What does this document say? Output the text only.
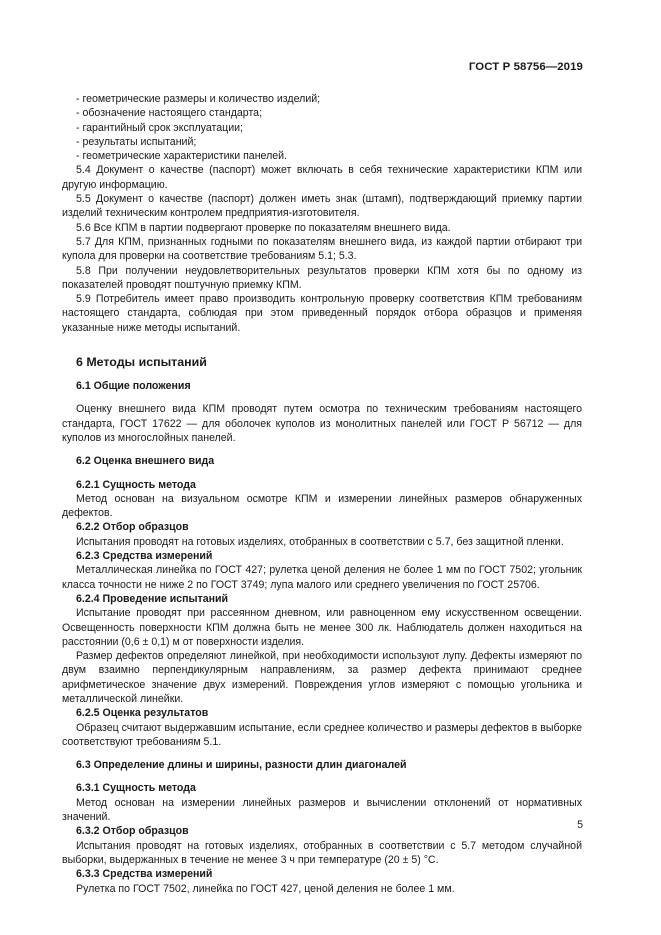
ГОСТ Р 58756—2019

- геометрические размеры и количество изделий;

- обозначение настоящего стандарта;

- гарантийный срок эксплуатации;

- результаты испытаний;

- геометрические характеристики панелей.

5.4 Документ о качестве (паспорт) может включать в себя технические характеристики КПМ или другую информацию.

5.5 Документ о качестве (паспорт) должен иметь знак (штамп), подтверждающий приемку партии изделий техническим контролем предприятия-изготовителя.

5.6 Все КПМ в партии подвергают проверке по показателям внешнего вида.

5.7 Для КПМ, признанных годными по показателям внешнего вида, из каждой партии отбирают три купола для проверки на соответствие требованиям 5.1; 5.3.

5.8 При получении неудовлетворительных результатов проверки КПМ хотя бы по одному из показателей проводят поштучную приемку КПМ.

5.9 Потребитель имеет право производить контрольную проверку соответствия КПМ требованиям настоящего стандарта, соблюдая при этом приведенный порядок отбора образцов и применяя указанные ниже методы испытаний.

6 Методы испытаний

6.1 Общие положения

Оценку внешнего вида КПМ проводят путем осмотра по техническим требованиям настоящего стандарта, ГОСТ 17622 — для оболочек куполов из монолитных панелей или ГОСТ Р 56712 — для куполов из многослойных панелей.

6.2 Оценка внешнего вида

6.2.1 Сущность метода

Метод основан на визуальном осмотре КПМ и измерении линейных размеров обнаруженных дефектов.

6.2.2 Отбор образцов

Испытания проводят на готовых изделиях, отобранных в соответствии с 5.7, без защитной пленки.

6.2.3 Средства измерений

Металлическая линейка по ГОСТ 427; рулетка ценой деления не более 1 мм по ГОСТ 7502; угольник класса точности не ниже 2 по ГОСТ 3749; лупа малого или среднего увеличения по ГОСТ 25706.

6.2.4 Проведение испытаний

Испытание проводят при рассеянном дневном, или равноценном ему искусственном освещении. Освещенность поверхности КПМ должна быть не менее 300 лк. Наблюдатель должен находиться на расстоянии (0,6 ± 0,1) м от поверхности изделия.

Размер дефектов определяют линейкой, при необходимости используют лупу. Дефекты измеряют по двум взаимно перпендикулярным направлениям, за размер дефекта принимают среднее арифметическое значение двух измерений. Повреждения углов измеряют с помощью угольника и металлической линейки.

6.2.5 Оценка результатов

Образец считают выдержавшим испытание, если среднее количество и размеры дефектов в выборке соответствуют требованиям 5.1.

6.3 Определение длины и ширины, разности длин диагоналей

6.3.1 Сущность метода

Метод основан на измерении линейных размеров и вычислении отклонений от нормативных значений.

6.3.2 Отбор образцов

Испытания проводят на готовых изделиях, отобранных в соответствии с 5.7 методом случайной выборки, выдержанных в течение не менее 3 ч при температуре (20 ± 5) °C.

6.3.3 Средства измерений

Рулетка по ГОСТ 7502, линейка по ГОСТ 427, ценой деления не более 1 мм.

5
